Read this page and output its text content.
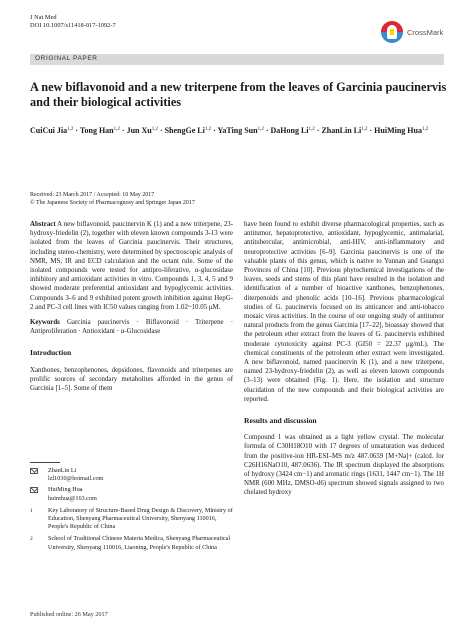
J Nat Med
DOI 10.1007/s11418-017-1092-7
CrossMark
ORIGINAL PAPER
A new biflavonoid and a new triterpene from the leaves of Garcinia paucinervis and their biological activities
CuiCui Jia$^{1,2}$ · Tong Han$^{1,2}$ · Jun Xu$^{1,2}$ · ShengGe Li$^{1,2}$ · YaTing Sun$^{1,2}$ · DaHong Li$^{1,2}$ · ZhanLin Li$^{1,2}$ · HuiMing Hua$^{1,2}$
Received: 23 March 2017 / Accepted: 10 May 2017
© The Japanese Society of Pharmacognosy and Springer Japan 2017
Abstract A new biflavonoid, paucinervin K (1) and a new triterpene, 23-hydroxy-friedelin (2), together with eleven known compounds 3-13 were isolated from the leaves of Garcinia paucinervis. Their structures, including stereo-chemistry, were determined by spectroscopic analysis of NMR, MS, IR and ECD calculation and the octant rule. Some of the isolated compounds were tested for antipro-liferative, α-glucosidase inhibitory and antioxidant activities in vitro. Compounds 1, 3, 4, 5 and 9 showed moderate preferential antioxidant and hypoglycemic activities. Compounds 3–6 and 9 exhibited potent growth inhibition against HepG-2 and PC-3 cell lines with IC50 values ranging from 1.02~10.05 μM.
Keywords Garcinia paucinervis · Biflavonoid · Triterpene · Antiproliferation · Antioxidant · α-Glucosidase
Introduction
Xanthones, benzophenones, depsidones, flavonoids and triterpenes are prolific sources of secondary metabolites afforded in the genus of Garcinia [1–5]. Some of them
ZhanLin Li
lzl1030@hotmail.com
HuiMing Hua
huimhua@163.com
1	Key Laboratory of Structure-Based Drug Design & Discovery, Ministry of Education, Shenyang Pharmaceutical University, Shenyang 110016, People's Republic of China
2	School of Traditional Chinese Materia Medica, Shenyang Pharmaceutical University, Shenyang 110016, Liaoning, People's Republic of China
have been found to exhibit diverse pharmacological properties, such as antitumor, hepatoprotective, antioxidant, hypoglycemic, antimalarial, antitubercular, antimicrobial, anti-HIV, anti-inflammatory and neuroprotective activities [6–9]. Garcinia paucinervis is one of the valuable plants of this genus, which is native to Yunnan and Guangxi Provinces of China [10]. Previous phytochemical investigations of the leaves, seeds and stems of this plant have resulted in the isolation and identification of a number of bioactive xanthones, benzophenones, diterpenoids and phenolic acids [10–16]. Previous pharmacological studies of G. paucinervis focused on its anticancer and anti-tobacco mosaic virus activities. In the course of our ongoing study of antitumor natural products from the genus Garcinia [17–22], bioassay showed that the petroleum ether extract from the leaves of G. paucinervis exhibited moderate cytotoxicity against PC-3 (GI50 = 22.37 μg/mL). The chemical constituents of the petroleum ether extract were investigated. A new biflavonoid, named paucinervin K (1), and a new triterpene, named 23-hydroxy-friedelin (2), as well as eleven known compounds (3–13) were obtained (Fig. 1). Here, the isolation and structure elucidation of the new compounds and their biological activities are reported.
Results and discussion
Compound 1 was obtained as a light yellow crystal. The molecular formula of C30H18O10 with 17 degrees of unsaturation was deduced from the positive-ion HR-ESI–MS m/z 487.0659 [M+Na]+ (calcd. for C26H16NaO10, 487.0636). The IR spectrum displayed the absorptions of hydroxy (3424 cm−1) and aromatic rings (1631, 1447 cm−1). The 1H NMR (600 MHz, DMSO-d6) spectrum showed signals assigned to two chelated hydroxy
Published online: 26 May 2017
